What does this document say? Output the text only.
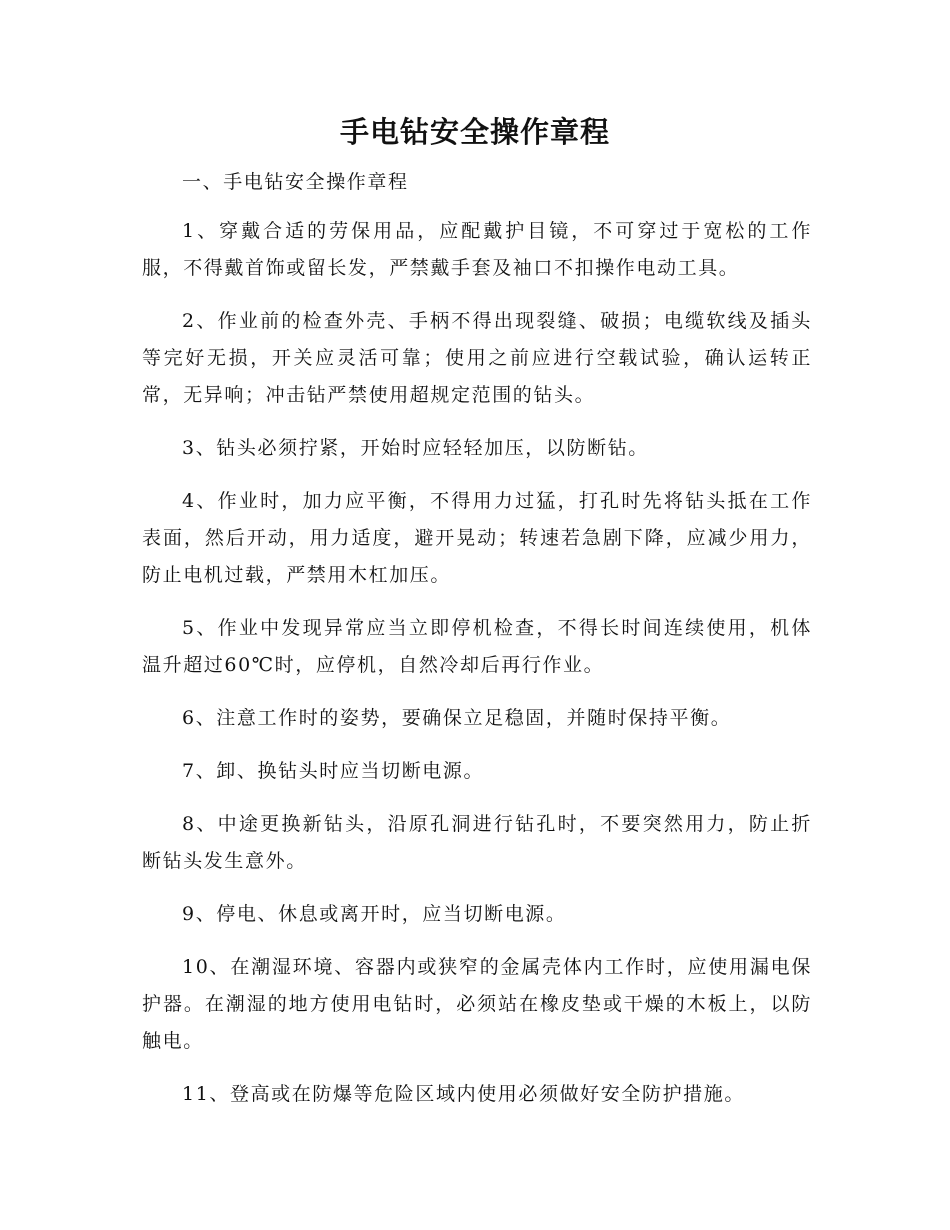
手电钻安全操作章程

一、手电钻安全操作章程

1、穿戴合适的劳保用品，应配戴护目镜，不可穿过于宽松的工作服，不得戴首饰或留长发，严禁戴手套及袖口不扣操作电动工具。

2、作业前的检查外壳、手柄不得出现裂缝、破损；电缆软线及插头等完好无损，开关应灵活可靠；使用之前应进行空载试验，确认运转正常，无异响；冲击钻严禁使用超规定范围的钻头。

3、钻头必须拧紧，开始时应轻轻加压，以防断钻。

4、作业时，加力应平衡，不得用力过猛，打孔时先将钻头抵在工作表面，然后开动，用力适度，避开晃动；转速若急剧下降，应减少用力，防止电机过载，严禁用木杠加压。

5、作业中发现异常应当立即停机检查，不得长时间连续使用，机体温升超过60℃时，应停机，自然冷却后再行作业。

6、注意工作时的姿势，要确保立足稳固，并随时保持平衡。

7、卸、换钻头时应当切断电源。

8、中途更换新钻头，沿原孔洞进行钻孔时，不要突然用力，防止折断钻头发生意外。

9、停电、休息或离开时，应当切断电源。

10、在潮湿环境、容器内或狭窄的金属壳体内工作时，应使用漏电保护器。在潮湿的地方使用电钻时，必须站在橡皮垫或干燥的木板上，以防触电。

11、登高或在防爆等危险区域内使用必须做好安全防护措施。
